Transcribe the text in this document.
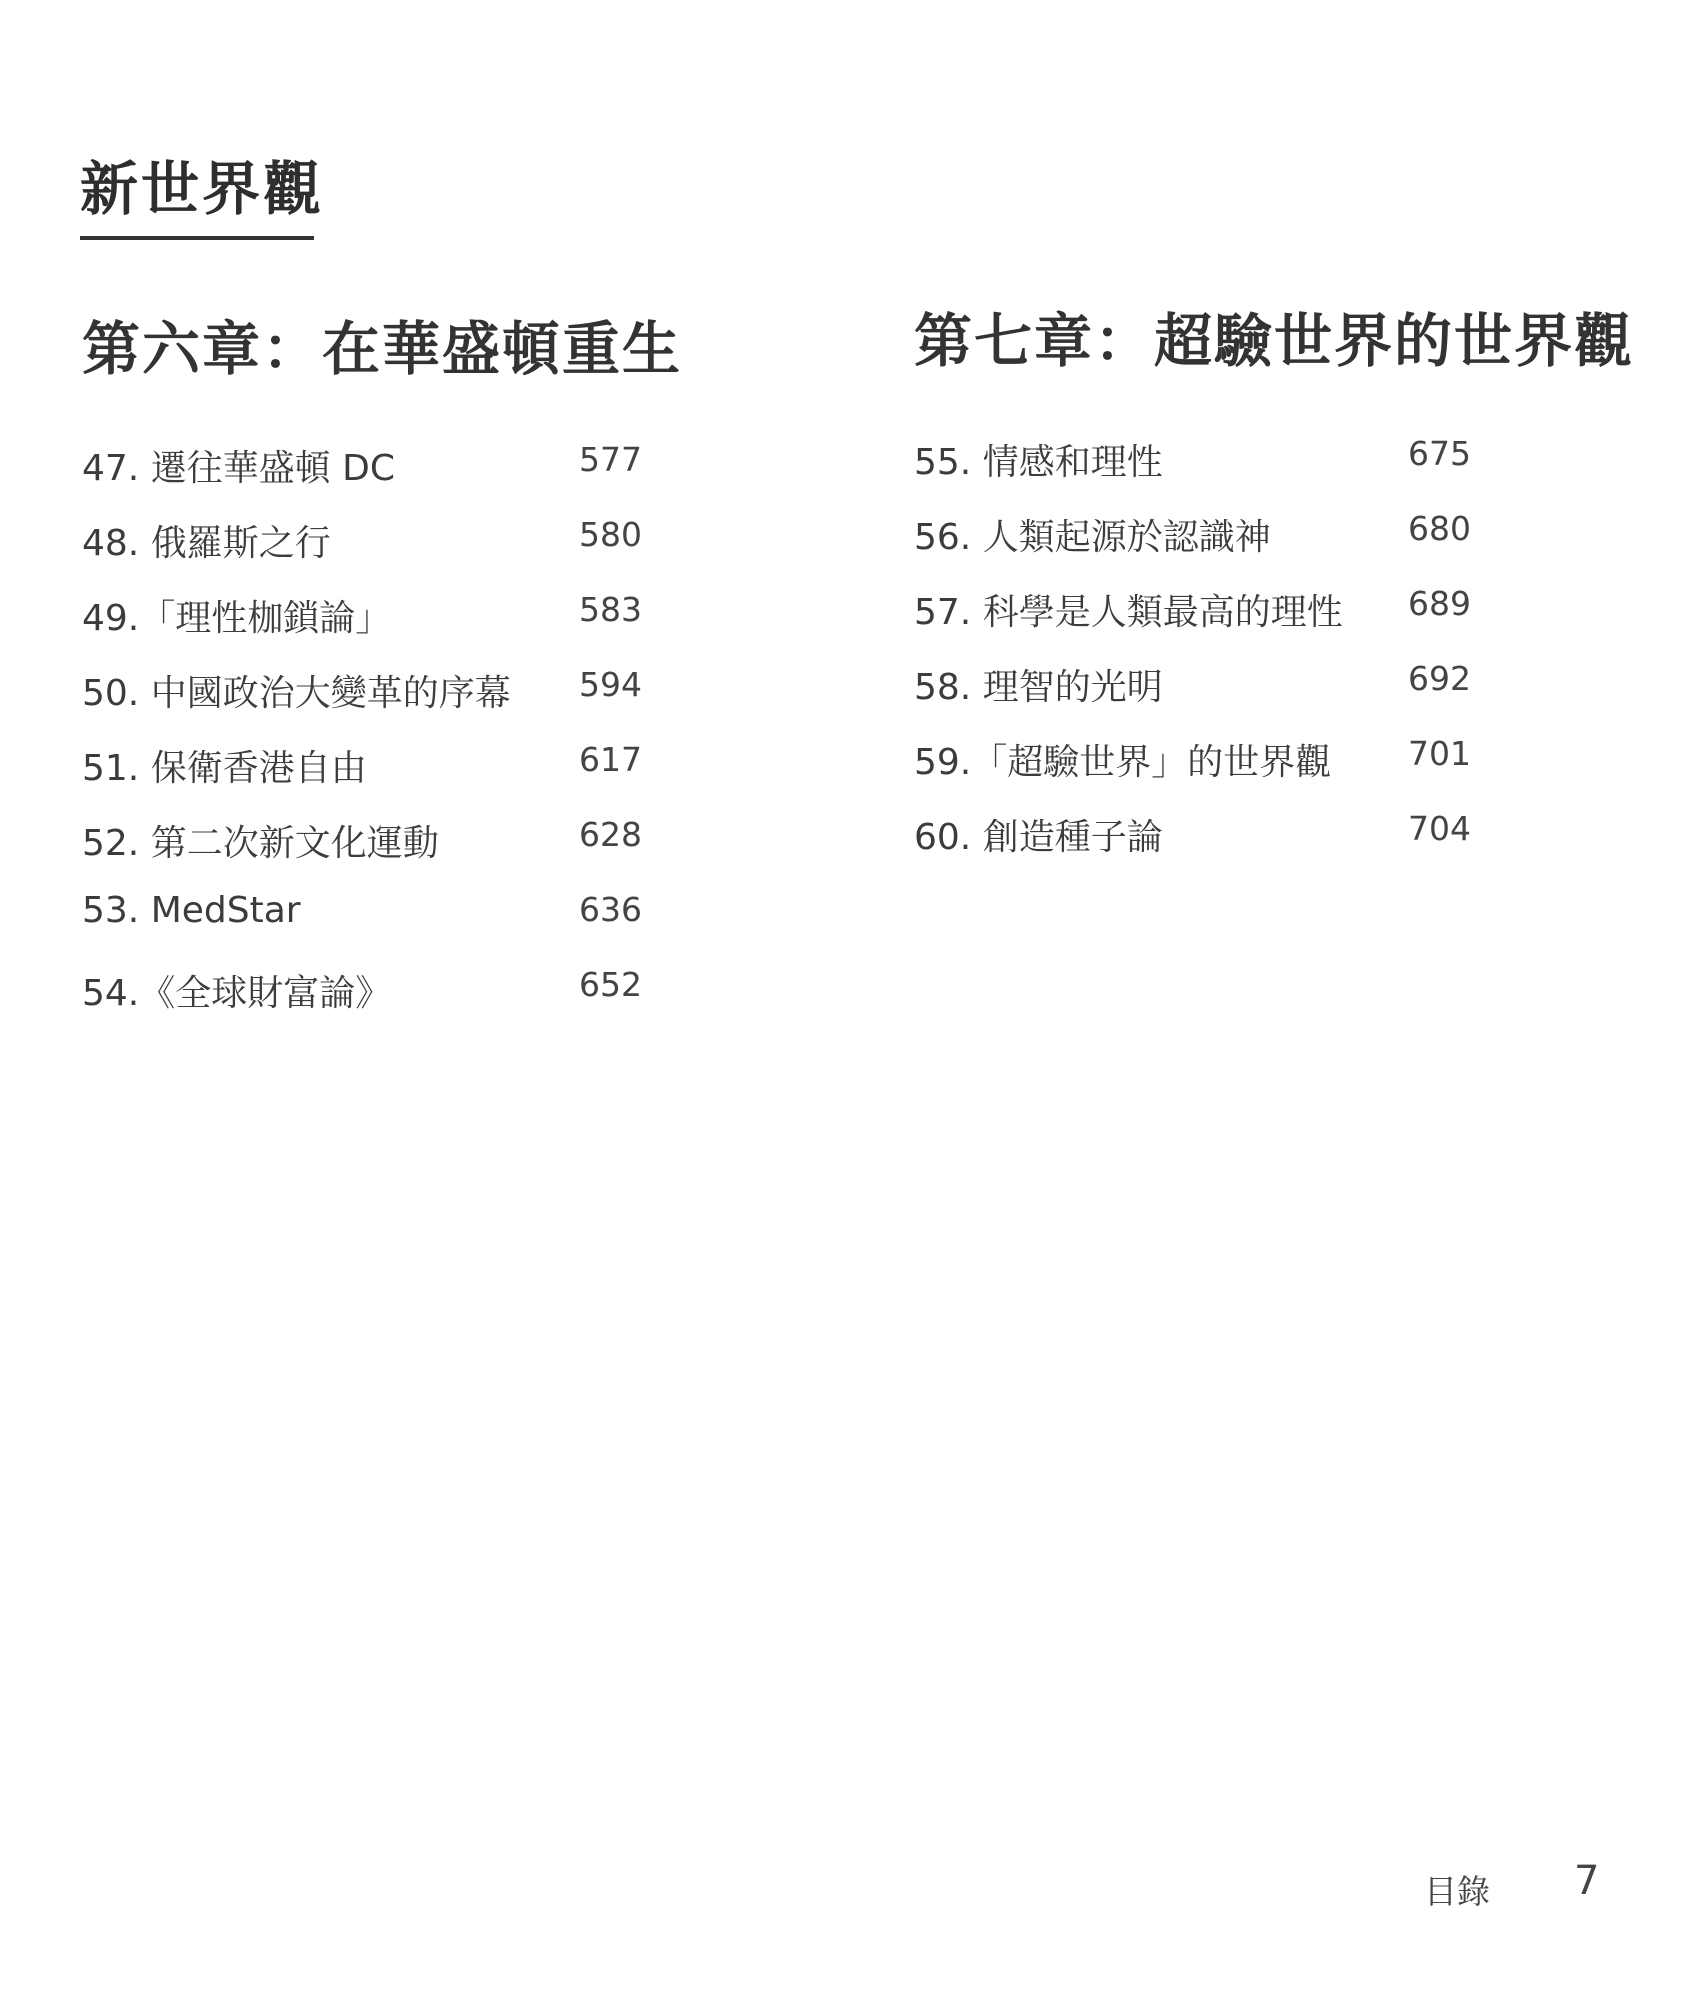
新世界觀
第六章：在華盛頓重生
47. 遷往華盛頓 DC	577
48. 俄羅斯之行	580
49.「理性枷鎖論」	583
50. 中國政治大變革的序幕 594
51. 保衛香港自由	617
52. 第二次新文化運動	628
53. MedStar	636
54.《全球財富論》	652
第七章：超驗世界的世界觀
55. 情感和理性	675
56. 人類起源於認識神	680
57. 科學是人類最高的理性 689
58. 理智的光明	692
59.「超驗世界」的世界觀 701
60. 創造種子論	704
目錄 7
